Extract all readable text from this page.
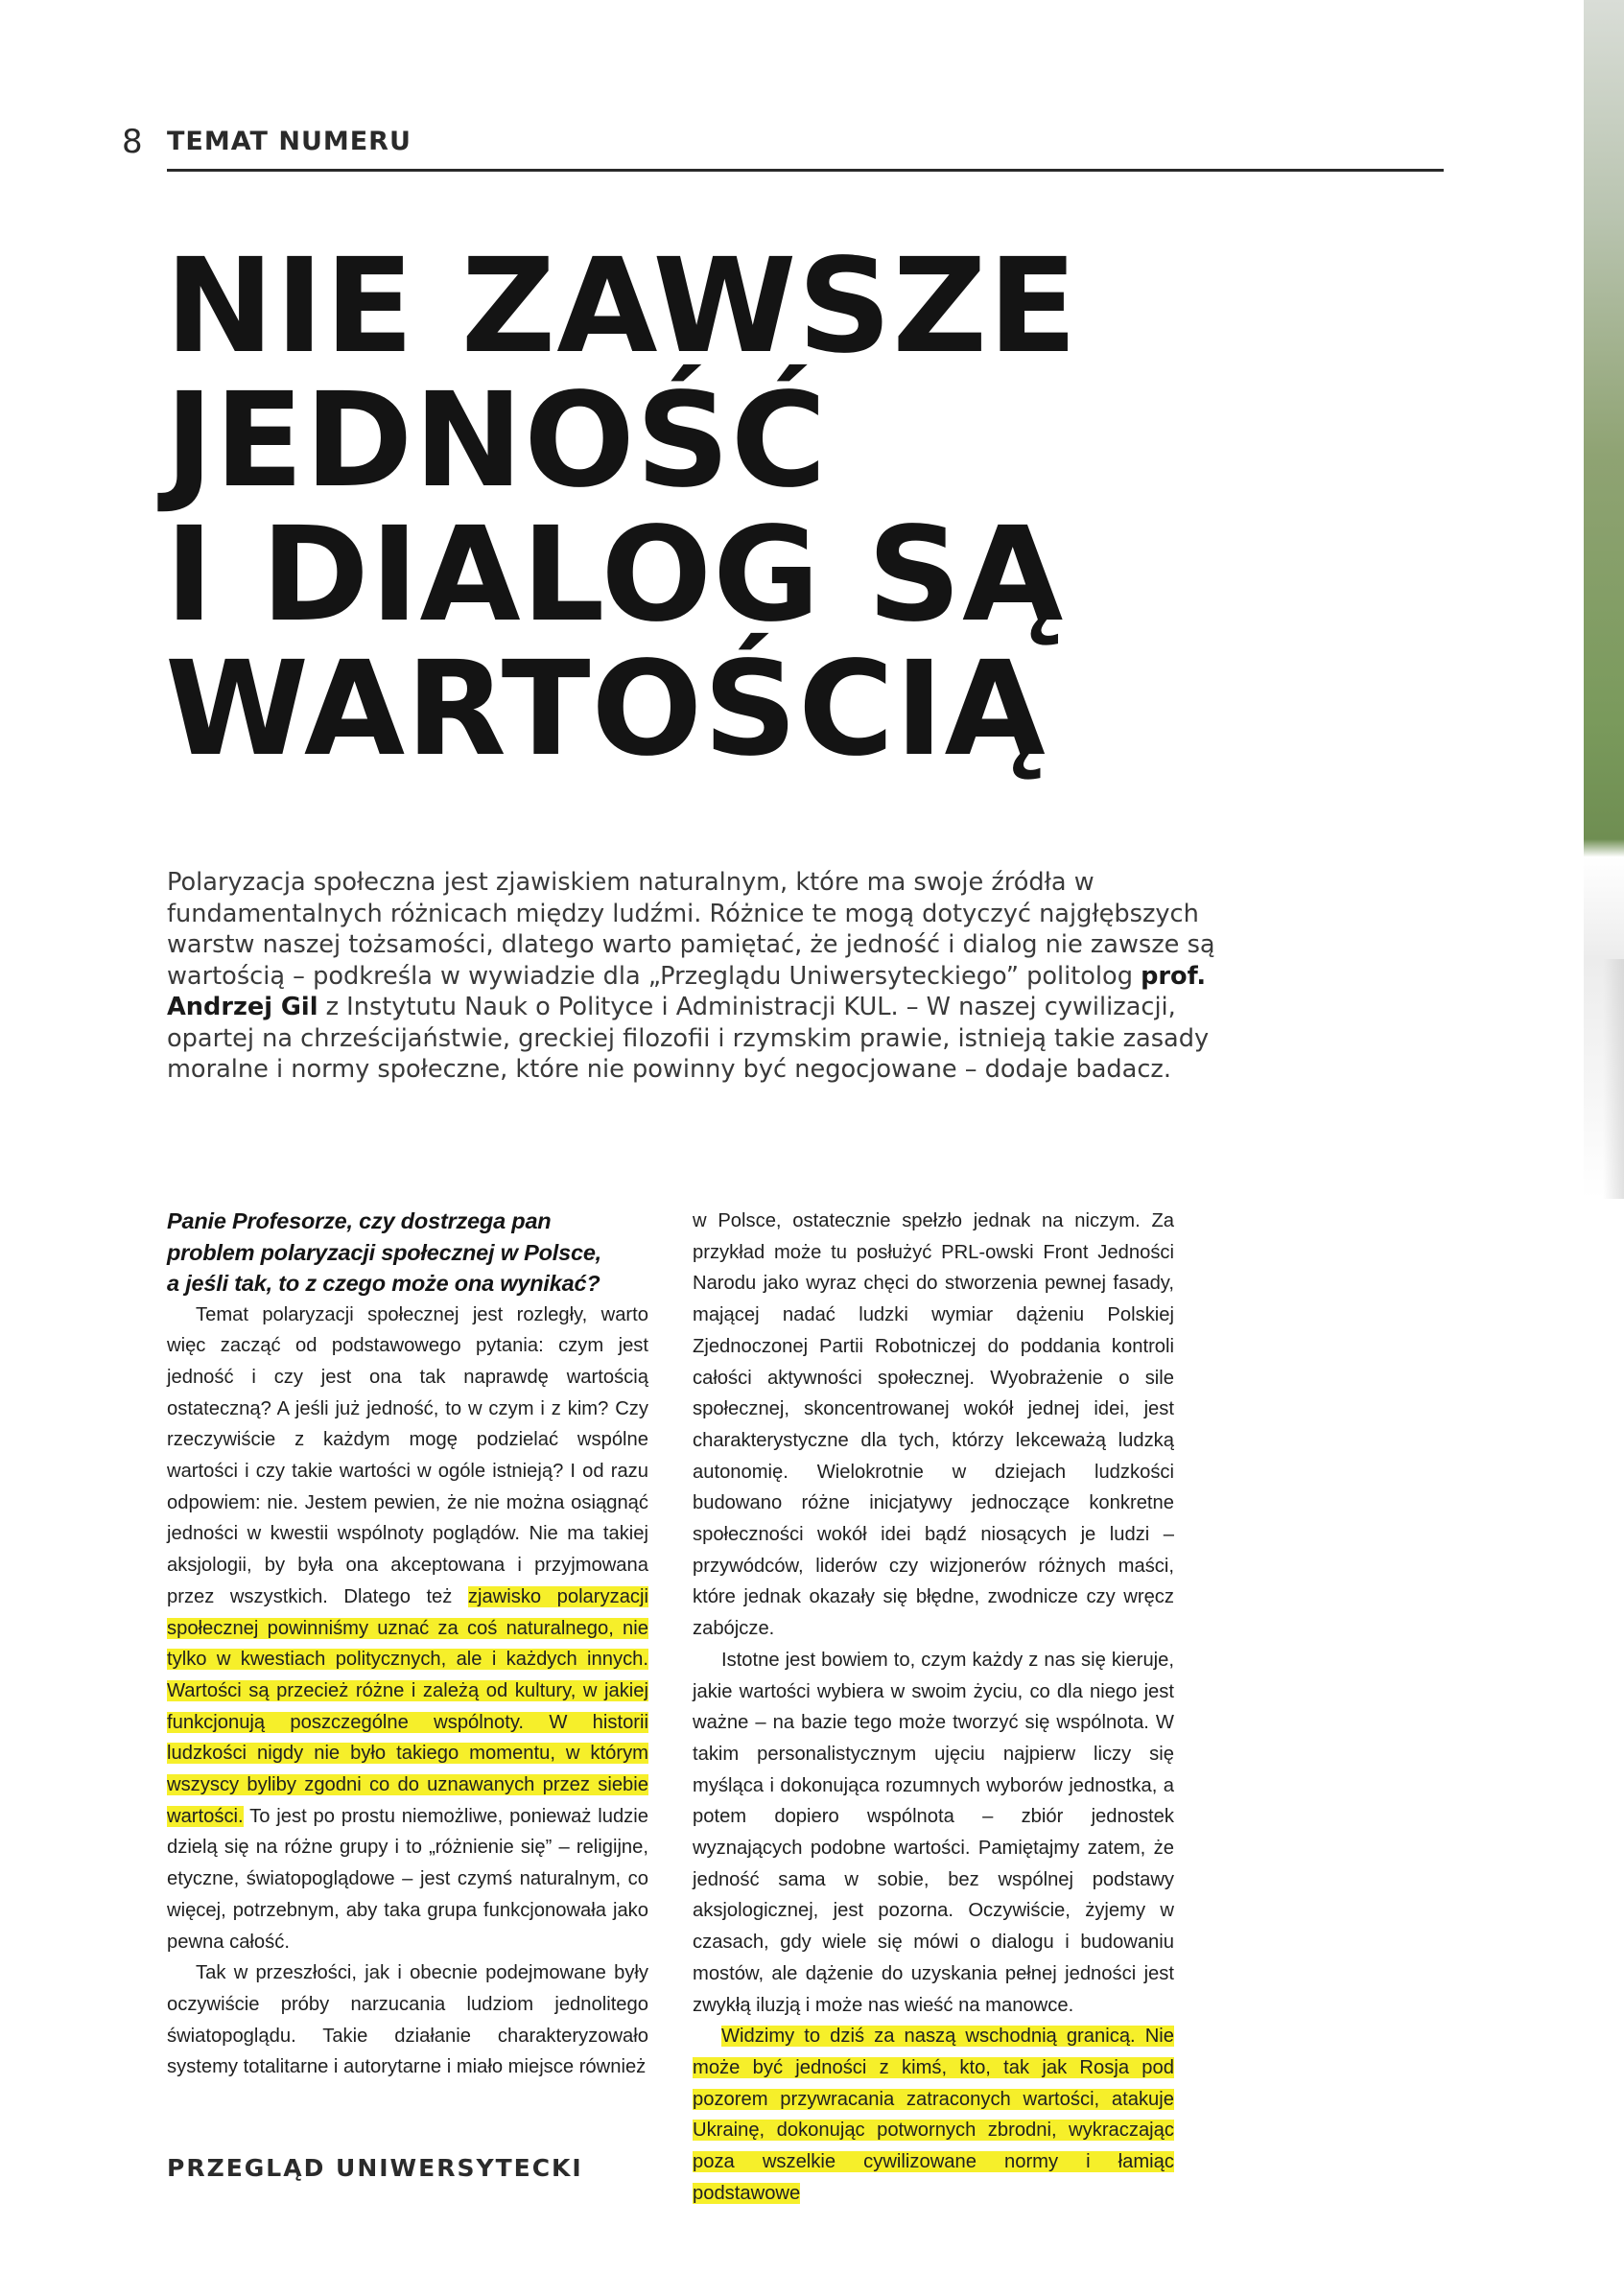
8 TEMAT NUMERU
NIE ZAWSZE
JEDNOŚĆ
I DIALOG SĄ
WARTOŚCIĄ

Polaryzacja społeczna jest zjawiskiem naturalnym, które ma swoje źródła w fundamentalnych różnicach między ludźmi. Różnice te mogą dotyczyć najgłębszych warstw naszej tożsamości, dlatego warto pamiętać, że jedność i dialog nie zawsze są wartością – podkreśla w wywiadzie dla „Przeglądu Uniwersyteckiego” politolog prof. Andrzej Gil z Instytutu Nauk o Polityce i Administracji KUL. – W naszej cywilizacji, opartej na chrześcijaństwie, greckiej filozofii i rzymskim prawie, istnieją takie zasady moralne i normy społeczne, które nie powinny być negocjowane – dodaje badacz.

Panie Profesorze, czy dostrzega pan problem polaryzacji społecznej w Polsce, a jeśli tak, to z czego może ona wynikać?

Temat polaryzacji społecznej jest rozległy, warto więc zacząć od podstawowego pytania: czym jest jedność i czy jest ona tak naprawdę wartością ostateczną? A jeśli już jedność, to w czym i z kim? Czy rzeczywiście z każdym mogę podzielać wspólne wartości i czy takie wartości w ogóle istnieją? I od razu odpowiem: nie. Jestem pewien, że nie można osiągnąć jedności w kwestii wspólnoty poglądów. Nie ma takiej aksjologii, by była ona akceptowana i przyjmowana przez wszystkich. Dlatego też zjawisko polaryzacji społecznej powinniśmy uznać za coś naturalnego, nie tylko w kwestiach politycznych, ale i każdych innych. Wartości są przecież różne i zależą od kultury, w jakiej funkcjonują poszczególne wspólnoty. W historii ludzkości nigdy nie było takiego momentu, w którym wszyscy byliby zgodni co do uznawanych przez siebie wartości. To jest po prostu niemożliwe, ponieważ ludzie dzielą się na różne grupy i to „różnienie się” – religijne, etyczne, światopoglądowe – jest czymś naturalnym, co więcej, potrzebnym, aby taka grupa funkcjonowała jako pewna całość.

Tak w przeszłości, jak i obecnie podejmowane były oczywiście próby narzucania ludziom jednolitego światopoglądu. Takie działanie charakteryzowało systemy totalitarne i autorytarne i miało miejsce również

w Polsce, ostatecznie spełzło jednak na niczym. Za przykład może tu posłużyć PRL-owski Front Jedności Narodu jako wyraz chęci do stworzenia pewnej fasady, mającej nadać ludzki wymiar dążeniu Polskiej Zjednoczonej Partii Robotniczej do poddania kontroli całości aktywności społecznej. Wyobrażenie o sile społecznej, skoncentrowanej wokół jednej idei, jest charakterystyczne dla tych, którzy lekceważą ludzką autonomię. Wielokrotnie w dziejach ludzkości budowano różne inicjatywy jednoczące konkretne społeczności wokół idei bądź niosących je ludzi – przywódców, liderów czy wizjonerów różnych maści, które jednak okazały się błędne, zwodnicze czy wręcz zabójcze.

Istotne jest bowiem to, czym każdy z nas się kieruje, jakie wartości wybiera w swoim życiu, co dla niego jest ważne – na bazie tego może tworzyć się wspólnota. W takim personalistycznym ujęciu najpierw liczy się myśląca i dokonująca rozumnych wyborów jednostka, a potem dopiero wspólnota – zbiór jednostek wyznających podobne wartości. Pamiętajmy zatem, że jedność sama w sobie, bez wspólnej podstawy aksjologicznej, jest pozorna. Oczywiście, żyjemy w czasach, gdy wiele się mówi o dialogu i budowaniu mostów, ale dążenie do uzyskania pełnej jedności jest zwykłą iluzją i może nas wieść na manowce.

Widzimy to dziś za naszą wschodnią granicą. Nie może być jedności z kimś, kto, tak jak Rosja pod pozorem przywracania zatraconych wartości, atakuje Ukrainę, dokonując potwornych zbrodni, wykraczając poza wszelkie cywilizowane normy i łamiąc podstawowe

PRZEGLĄD UNIWERSYTECKI
